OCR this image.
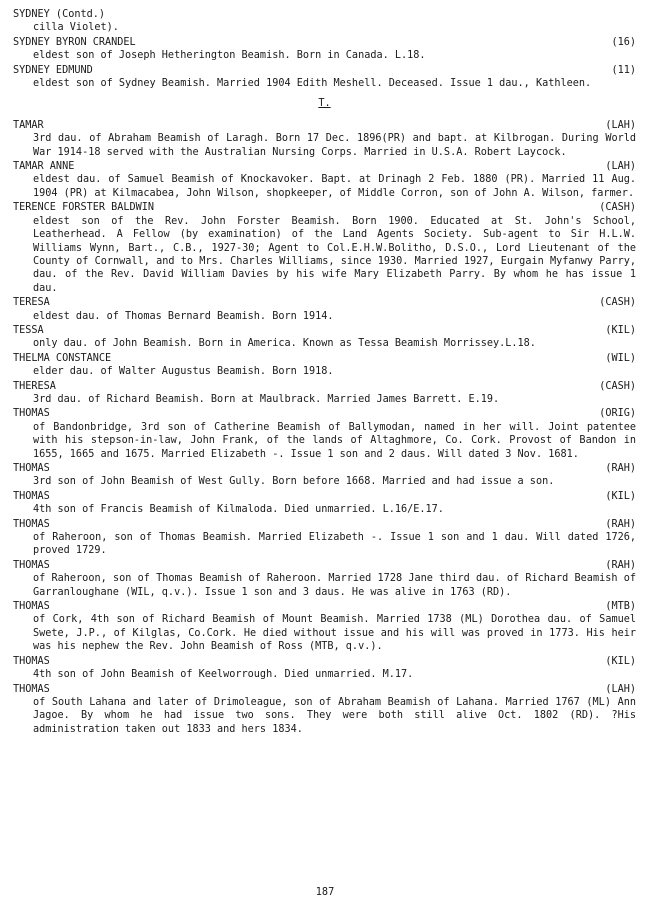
SYDNEY (Contd.)
cilla Violet).
(16)
SYDNEY BYRON CRANDEL
eldest son of Joseph Hetherington Beamish. Born in Canada. L.18.
(11)
SYDNEY EDMUND
eldest son of Sydney Beamish. Married 1904 Edith Meshell. Deceased. Issue 1 dau., Kathleen.
T.
(LAH)
TAMAR
3rd dau. of Abraham Beamish of Laragh. Born 17 Dec. 1896(PR) and bapt. at Kilbrogan. During World War 1914-18 served with the Australian Nursing Corps. Married in U.S.A. Robert Laycock.
(LAH)
TAMAR ANNE
eldest dau. of Samuel Beamish of Knockavoker. Bapt. at Drinagh 2 Feb. 1880 (PR). Married 11 Aug. 1904 (PR) at Kilmacabea, John Wilson, shopkeeper, of Middle Corron, son of John A. Wilson, farmer.
(CASH)
TERENCE FORSTER BALDWIN
eldest son of the Rev. John Forster Beamish. Born 1900. Educated at St. John's School, Leatherhead. A Fellow (by examination) of the Land Agents Society. Sub-agent to Sir H.L.W. Williams Wynn, Bart., C.B., 1927-30; Agent to Col.E.H.W.Bolitho, D.S.O., Lord Lieutenant of the County of Cornwall, and to Mrs. Charles Williams, since 1930. Married 1927, Eurgain Myfanwy Parry, dau. of the Rev. David William Davies by his wife Mary Elizabeth Parry. By whom he has issue 1 dau.
(CASH)
TERESA
eldest dau. of Thomas Bernard Beamish. Born 1914.
(KIL)
TESSA
only dau. of John Beamish. Born in America. Known as Tessa Beamish Morrissey.L.18.
(WIL)
THELMA CONSTANCE
elder dau. of Walter Augustus Beamish. Born 1918.
(CASH)
THERESA
3rd dau. of Richard Beamish. Born at Maulbrack. Married James Barrett. E.19.
(ORIG)
THOMAS
of Bandonbridge, 3rd son of Catherine Beamish of Ballymodan, named in her will. Joint patentee with his stepson-in-law, John Frank, of the lands of Altaghmore, Co. Cork. Provost of Bandon in 1655, 1665 and 1675. Married Elizabeth -. Issue 1 son and 2 daus. Will dated 3 Nov. 1681.
(RAH)
THOMAS
3rd son of John Beamish of West Gully. Born before 1668. Married and had issue a son.
(KIL)
THOMAS
4th son of Francis Beamish of Kilmaloda. Died unmarried. L.16/E.17.
(RAH)
THOMAS
of Raheroon, son of Thomas Beamish. Married Elizabeth -. Issue 1 son and 1 dau. Will dated 1726, proved 1729.
(RAH)
THOMAS
of Raheroon, son of Thomas Beamish of Raheroon. Married 1728 Jane third dau. of Richard Beamish of Garranloughane (WIL, q.v.). Issue 1 son and 3 daus. He was alive in 1763 (RD).
(MTB)
THOMAS
of Cork, 4th son of Richard Beamish of Mount Beamish. Married 1738 (ML) Dorothea dau. of Samuel Swete, J.P., of Kilglas, Co.Cork. He died without issue and his will was proved in 1773. His heir was his nephew the Rev. John Beamish of Ross (MTB, q.v.).
(KIL)
THOMAS
4th son of John Beamish of Keelworrough. Died unmarried. M.17.
(LAH)
THOMAS
of South Lahana and later of Drimoleague, son of Abraham Beamish of Lahana. Married 1767 (ML) Ann Jagoe. By whom he had issue two sons. They were both still alive Oct. 1802 (RD). ?His administration taken out 1833 and hers 1834.
187
